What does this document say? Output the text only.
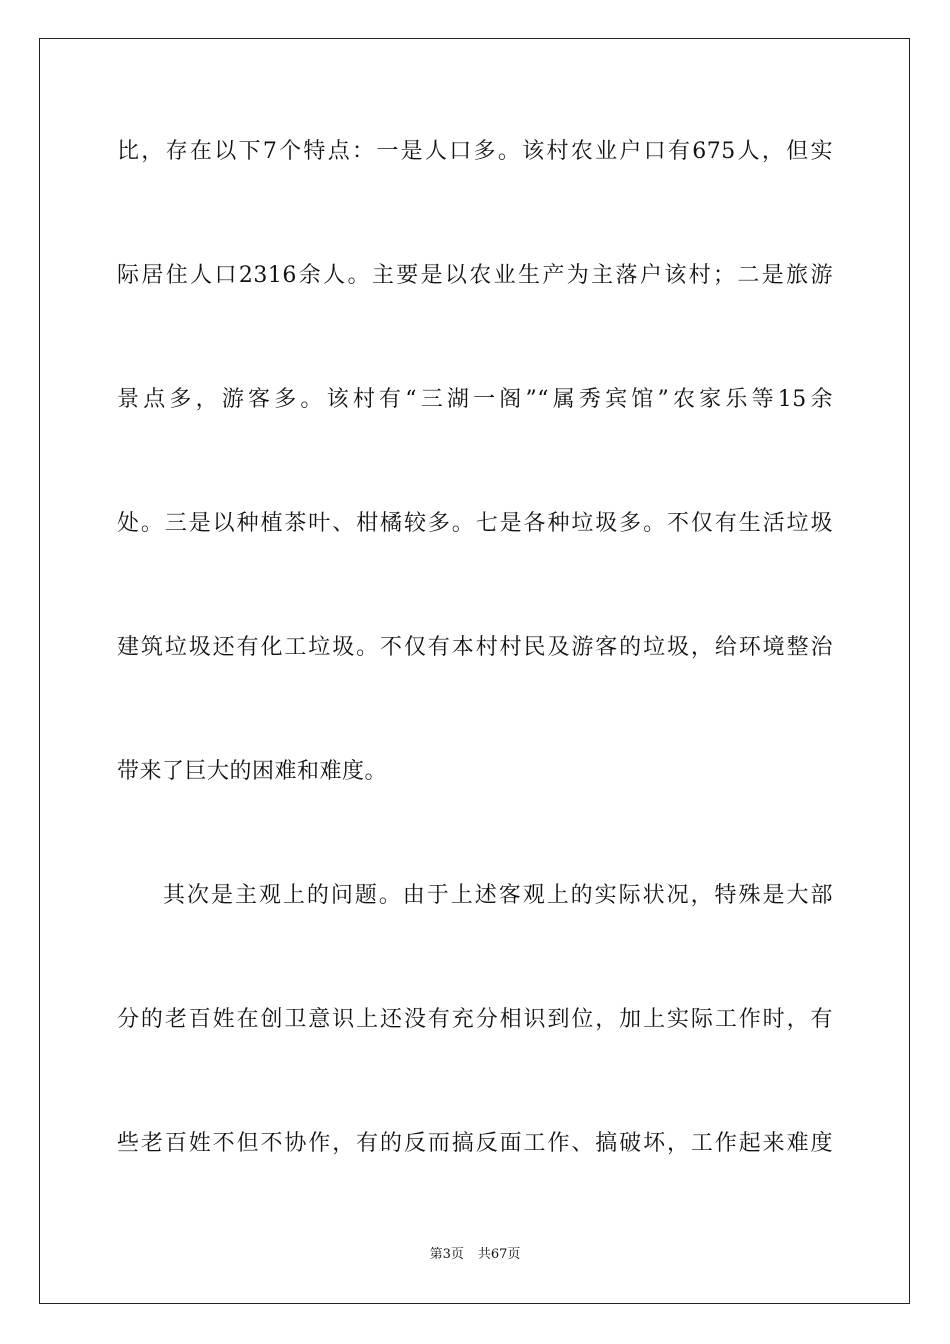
比，存在以下7个特点：一是人口多。该村农业户口有675人，但实
际居住人口2316余人。主要是以农业生产为主落户该村；二是旅游
景点多，游客多。该村有“三湖一阁”“属秀宾馆”农家乐等15余
处。三是以种植茶叶、柑橘较多。七是各种垃圾多。不仅有生活垃圾
建筑垃圾还有化工垃圾。不仅有本村村民及游客的垃圾，给环境整治
带来了巨大的困难和难度。
其次是主观上的问题。由于上述客观上的实际状况，特殊是大部
分的老百姓在创卫意识上还没有充分相识到位，加上实际工作时，有
些老百姓不但不协作，有的反而搞反面工作、搞破坏，工作起来难度
第3页 共67页
